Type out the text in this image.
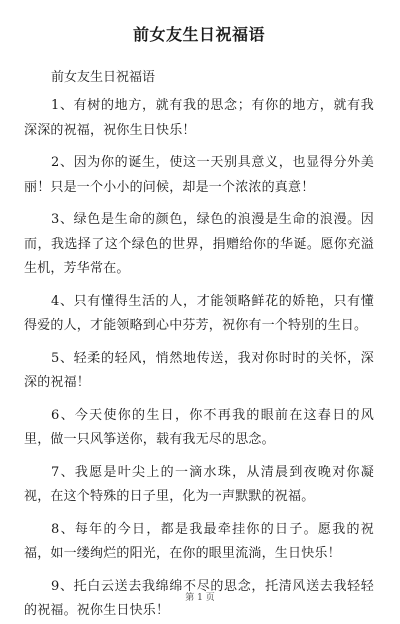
前女友生日祝福语

前女友生日祝福语

1、有树的地方，就有我的思念；有你的地方，就有我深深的祝福，祝你生日快乐！

2、因为你的诞生，使这一天别具意义，也显得分外美丽！只是一个小小的问候，却是一个浓浓的真意！

3、绿色是生命的颜色，绿色的浪漫是生命的浪漫。因而，我选择了这个绿色的世界，捐赠给你的华诞。愿你充溢生机，芳华常在。

4、只有懂得生活的人，才能领略鲜花的娇艳，只有懂得爱的人，才能领略到心中芬芳，祝你有一个特别的生日。

5、轻柔的轻风，悄然地传送，我对你时时的关怀，深深的祝福！

6、今天使你的生日，你不再我的眼前在这春日的风里，做一只风筝送你，载有我无尽的思念。

7、我愿是叶尖上的一滴水珠，从清晨到夜晚对你凝视，在这个特殊的日子里，化为一声默默的祝福。

8、每年的今日，都是我最牵挂你的日子。愿我的祝福，如一缕绚烂的阳光，在你的眼里流淌，生日快乐！

9、托白云送去我绵绵不尽的思念，托清风送去我轻轻的祝福。祝你生日快乐！

第 1 页
